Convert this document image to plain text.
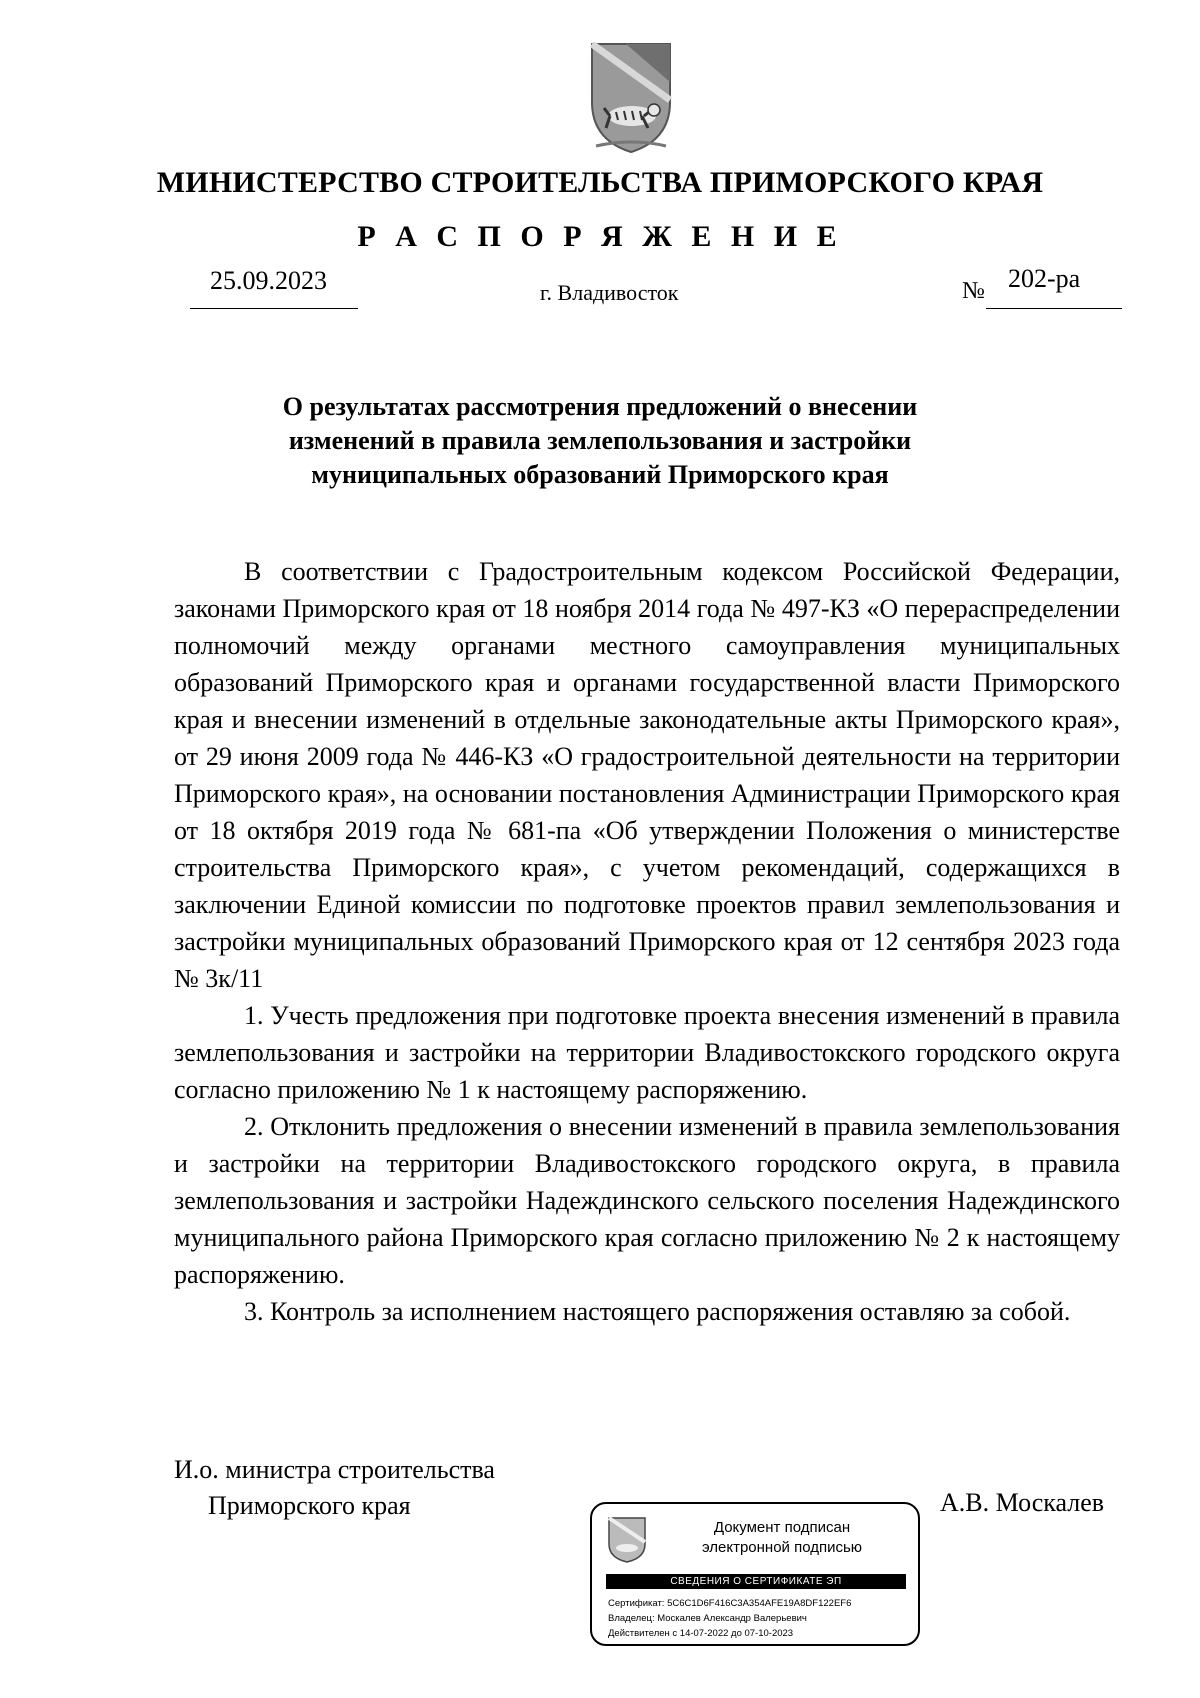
МИНИСТЕРСТВО СТРОИТЕЛЬСТВА ПРИМОРСКОГО КРАЯ
Р А С П О Р Я Ж Е Н И Е
25.09.2023	г. Владивосток	№ 202-ра
О результатах рассмотрения предложений о внесении
изменений в правила землепользования и застройки
муниципальных образований Приморского края

В соответствии с Градостроительным кодексом Российской Федерации, законами Приморского края от 18 ноября 2014 года № 497-КЗ «О перераспределении полномочий между органами местного самоуправления муниципальных образований Приморского края и органами государственной власти Приморского края и внесении изменений в отдельные законодательные акты Приморского края», от 29 июня 2009 года № 446-КЗ «О градостроительной деятельности на территории Приморского края», на основании постановления Администрации Приморского края от 18 октября 2019 года № 681-па «Об утверждении Положения о министерстве строительства Приморского края», с учетом рекомендаций, содержащихся в заключении Единой комиссии по подготовке проектов правил землепользования и застройки муниципальных образований Приморского края от 12 сентября 2023 года № 3к/11

1. Учесть предложения при подготовке проекта внесения изменений в правила землепользования и застройки на территории Владивостокского городского округа согласно приложению № 1 к настоящему распоряжению.

2. Отклонить предложения о внесении изменений в правила землепользования и застройки на территории Владивостокского городского округа, в правила землепользования и застройки Надеждинского сельского поселения Надеждинского муниципального района Приморского края согласно приложению № 2 к настоящему распоряжению.

3. Контроль за исполнением настоящего распоряжения оставляю за собой.

И.о. министра строительства
Приморского края	А.В. Москалев
Документ подписан
электронной подписью
СВЕДЕНИЯ О СЕРТИФИКАТЕ ЭП
Сертификат: 5C6C1D6F416C3A354AFE19A8DF122EF6
Владелец: Москалев Александр Валерьевич
Действителен с 14-07-2022 до 07-10-2023
